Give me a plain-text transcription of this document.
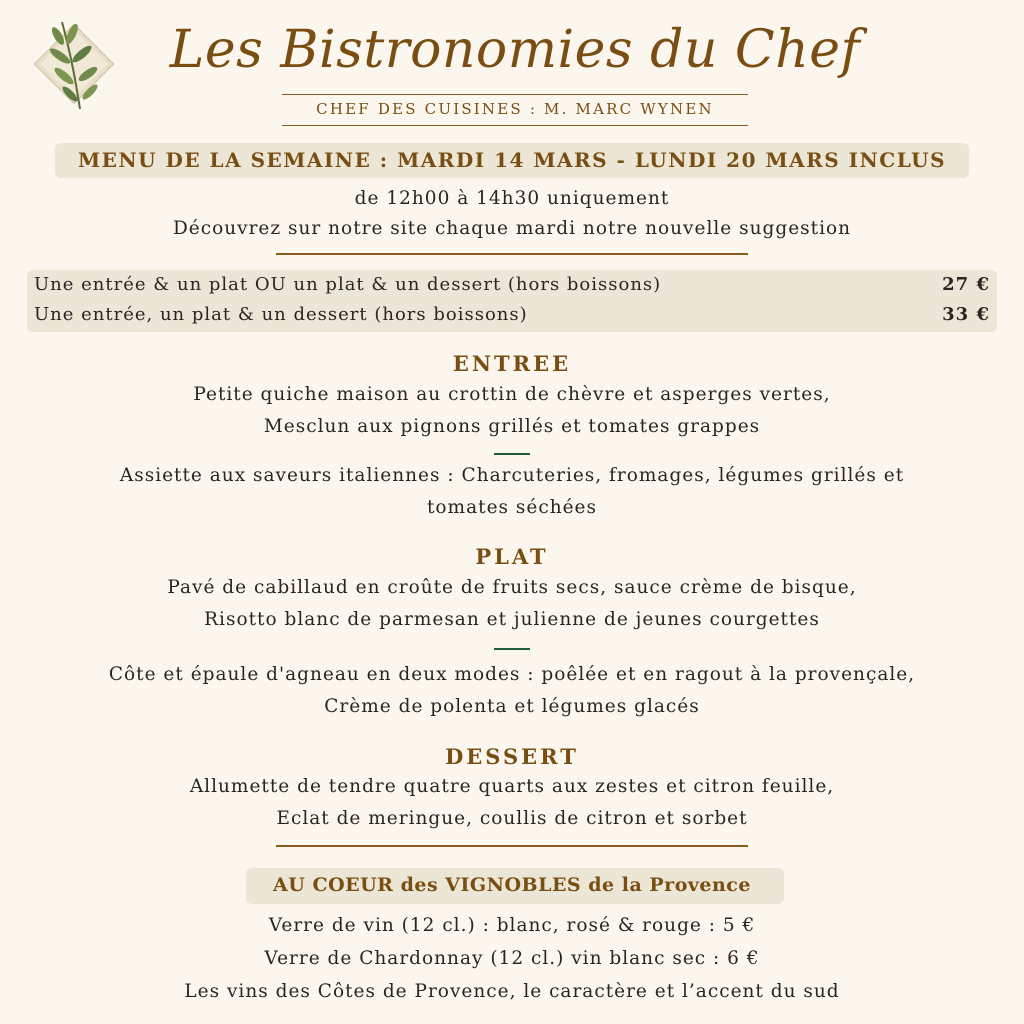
Les Bistronomies du Chef
CHEF DES CUISINES : M. MARC WYNEN
MENU DE LA SEMAINE : MARDI 14 MARS - LUNDI 20 MARS INCLUS
de 12h00 à 14h30 uniquement
Découvrez sur notre site chaque mardi notre nouvelle suggestion
Une entrée & un plat OU un plat & un dessert (hors boissons)	27 €
Une entrée, un plat & un dessert (hors boissons)	33 €
ENTREE
Petite quiche maison au crottin de chèvre et asperges vertes,
Mesclun aux pignons grillés et tomates grappes
Assiette aux saveurs italiennes : Charcuteries, fromages, légumes grillés et
tomates séchées
PLAT
Pavé de cabillaud en croûte de fruits secs, sauce crème de bisque,
Risotto blanc de parmesan et julienne de jeunes courgettes
Côte et épaule d'agneau en deux modes : poêlée et en ragout à la provençale,
Crème de polenta et légumes glacés
DESSERT
Allumette de tendre quatre quarts aux zestes et citron feuille,
Eclat de meringue, coullis de citron et sorbet
AU COEUR des VIGNOBLES de la Provence
Verre de vin (12 cl.) : blanc, rosé & rouge : 5 €
Verre de Chardonnay (12 cl.) vin blanc sec : 6 €
Les vins des Côtes de Provence, le caractère et l’accent du sud
